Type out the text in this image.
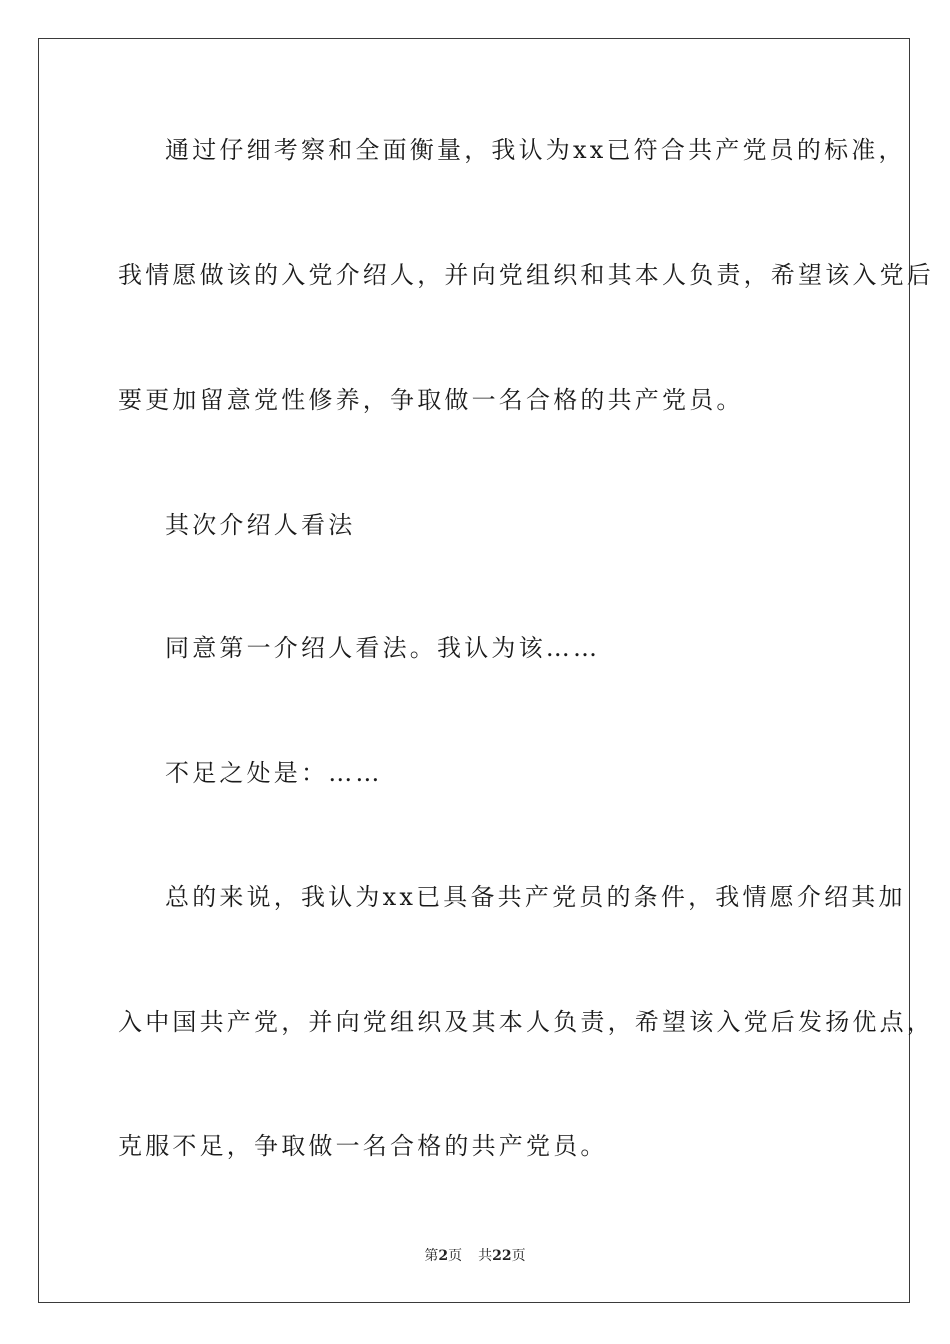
通过仔细考察和全面衡量，我认为xx已符合共产党员的标准，
我情愿做该的入党介绍人，并向党组织和其本人负责，希望该入党后
要更加留意党性修养，争取做一名合格的共产党员。
其次介绍人看法
同意第一介绍人看法。我认为该……
不足之处是：……
总的来说，我认为xx已具备共产党员的条件，我情愿介绍其加
入中国共产党，并向党组织及其本人负责，希望该入党后发扬优点，
克服不足，争取做一名合格的共产党员。
第2页 共22页
